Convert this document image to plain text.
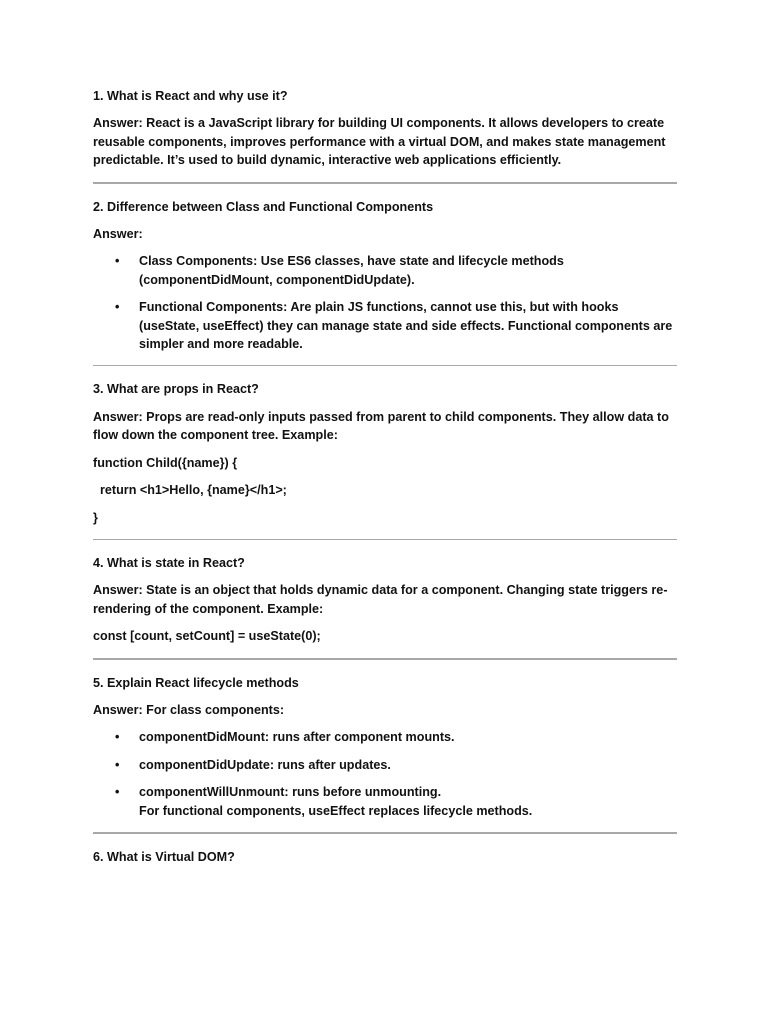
1. What is React and why use it?

Answer: React is a JavaScript library for building UI components. It allows developers to create reusable components, improves performance with a virtual DOM, and makes state management predictable. It’s used to build dynamic, interactive web applications efficiently.

2. Difference between Class and Functional Components

Answer:

• Class Components: Use ES6 classes, have state and lifecycle methods (componentDidMount, componentDidUpdate).
• Functional Components: Are plain JS functions, cannot use this, but with hooks (useState, useEffect) they can manage state and side effects. Functional components are simpler and more readable.

3. What are props in React?

Answer: Props are read-only inputs passed from parent to child components. They allow data to flow down the component tree. Example:

function Child({name}) {

return <h1>Hello, {name}</h1>;

}

4. What is state in React?

Answer: State is an object that holds dynamic data for a component. Changing state triggers re-rendering of the component. Example:

const [count, setCount] = useState(0);

5. Explain React lifecycle methods

Answer: For class components:

• componentDidMount: runs after component mounts.
• componentDidUpdate: runs after updates.
• componentWillUnmount: runs before unmounting.
For functional components, useEffect replaces lifecycle methods.

6. What is Virtual DOM?
